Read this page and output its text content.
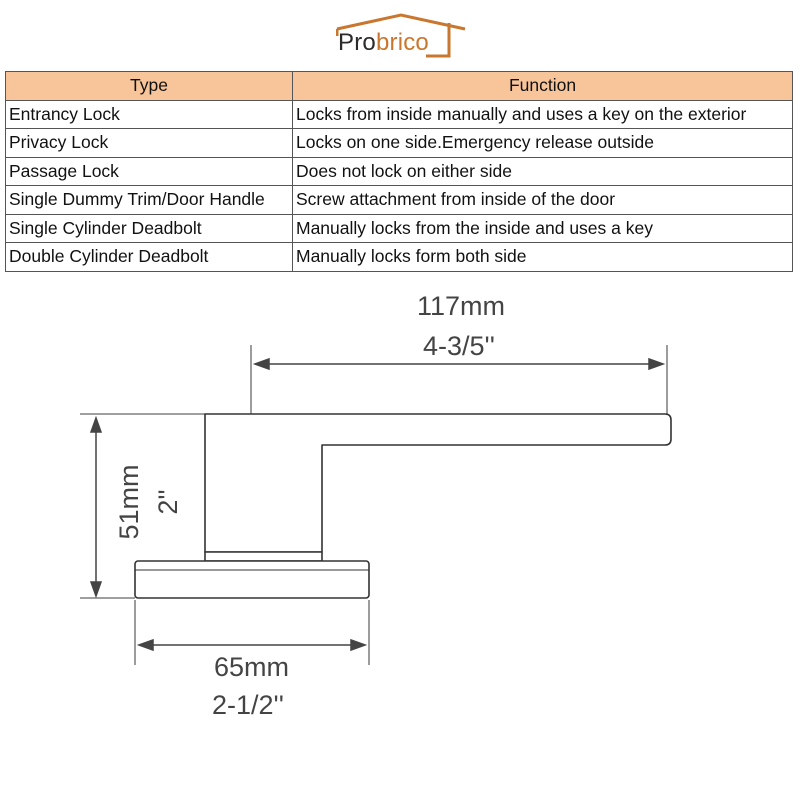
Probrico
Type	Function
Entrancy Lock	Locks from inside manually and uses a key on the exterior
Privacy Lock	Locks on one side.Emergency release outside
Passage Lock	Does not lock on either side
Single Dummy Trim/Door Handle	Screw attachment from inside of the door
Single Cylinder Deadbolt	Manually locks from the inside and uses a key
Double Cylinder Deadbolt	Manually locks form both side
117mm
4-3/5''
51mm 2''
65mm
2-1/2''
